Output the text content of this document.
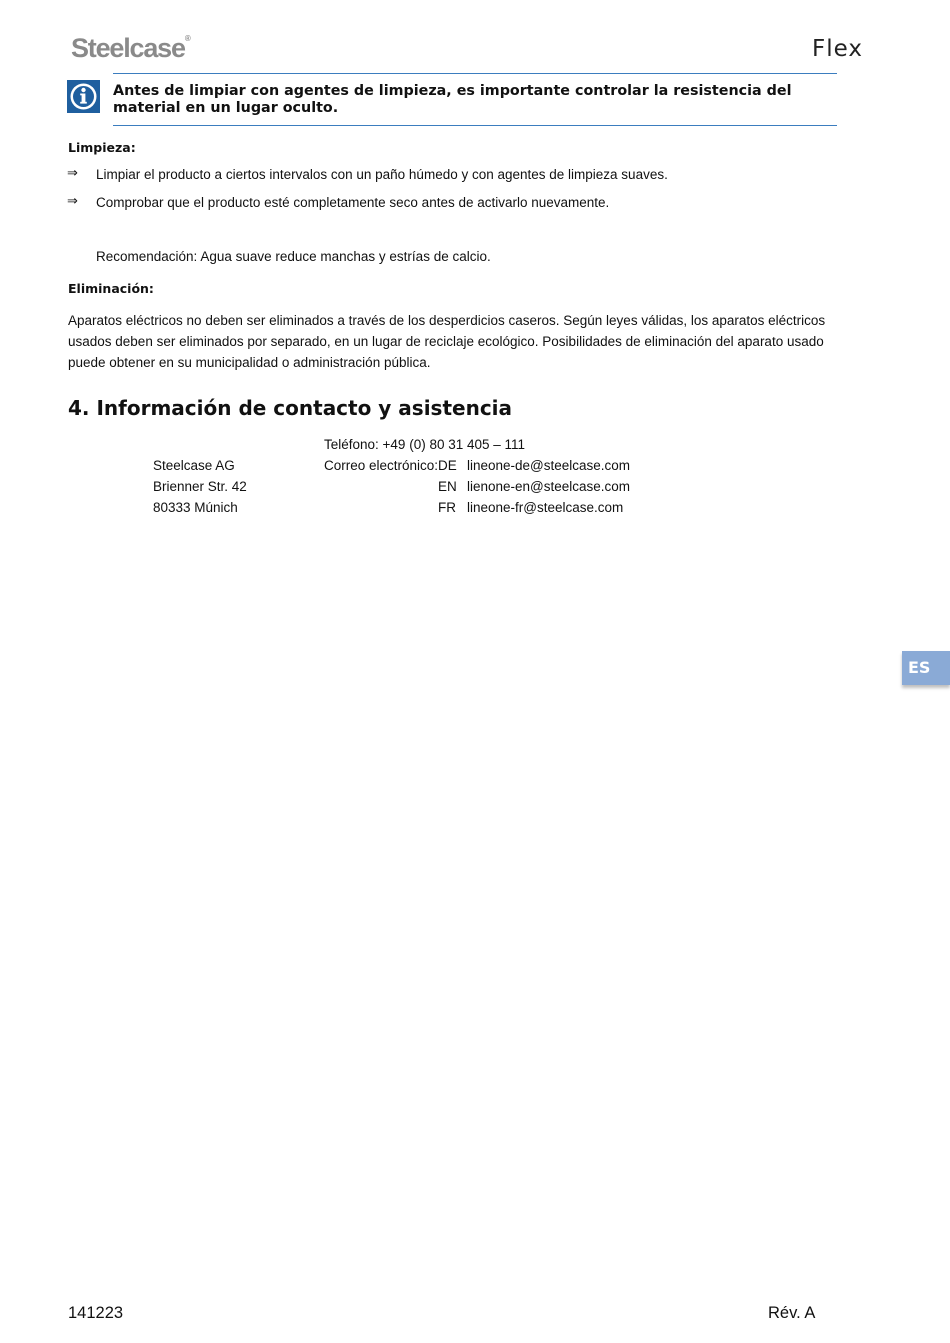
Steelcase®	Flex
Antes de limpiar con agentes de limpieza, es importante controlar la resistencia del material en un lugar oculto.
Limpieza:
⇒ Limpiar el producto a ciertos intervalos con un paño húmedo y con agentes de limpieza suaves.
⇒ Comprobar que el producto esté completamente seco antes de activarlo nuevamente.
Recomendación: Agua suave reduce manchas y estrías de calcio.
Eliminación:
Aparatos eléctricos no deben ser eliminados a través de los desperdicios caseros. Según leyes válidas, los aparatos eléctricos usados deben ser eliminados por separado, en un lugar de reciclaje ecológico. Posibilidades de eliminación del aparato usado puede obtener en su municipalidad o administración pública.
4. Información de contacto y asistencia
Teléfono: +49 (0) 80 31 405 – 111
Steelcase AG
Brienner Str. 42
80333 Múnich
Correo electrónico: DE lineone-de@steelcase.com
EN lienone-en@steelcase.com
FR lineone-fr@steelcase.com
ES
141223	Rév. A
